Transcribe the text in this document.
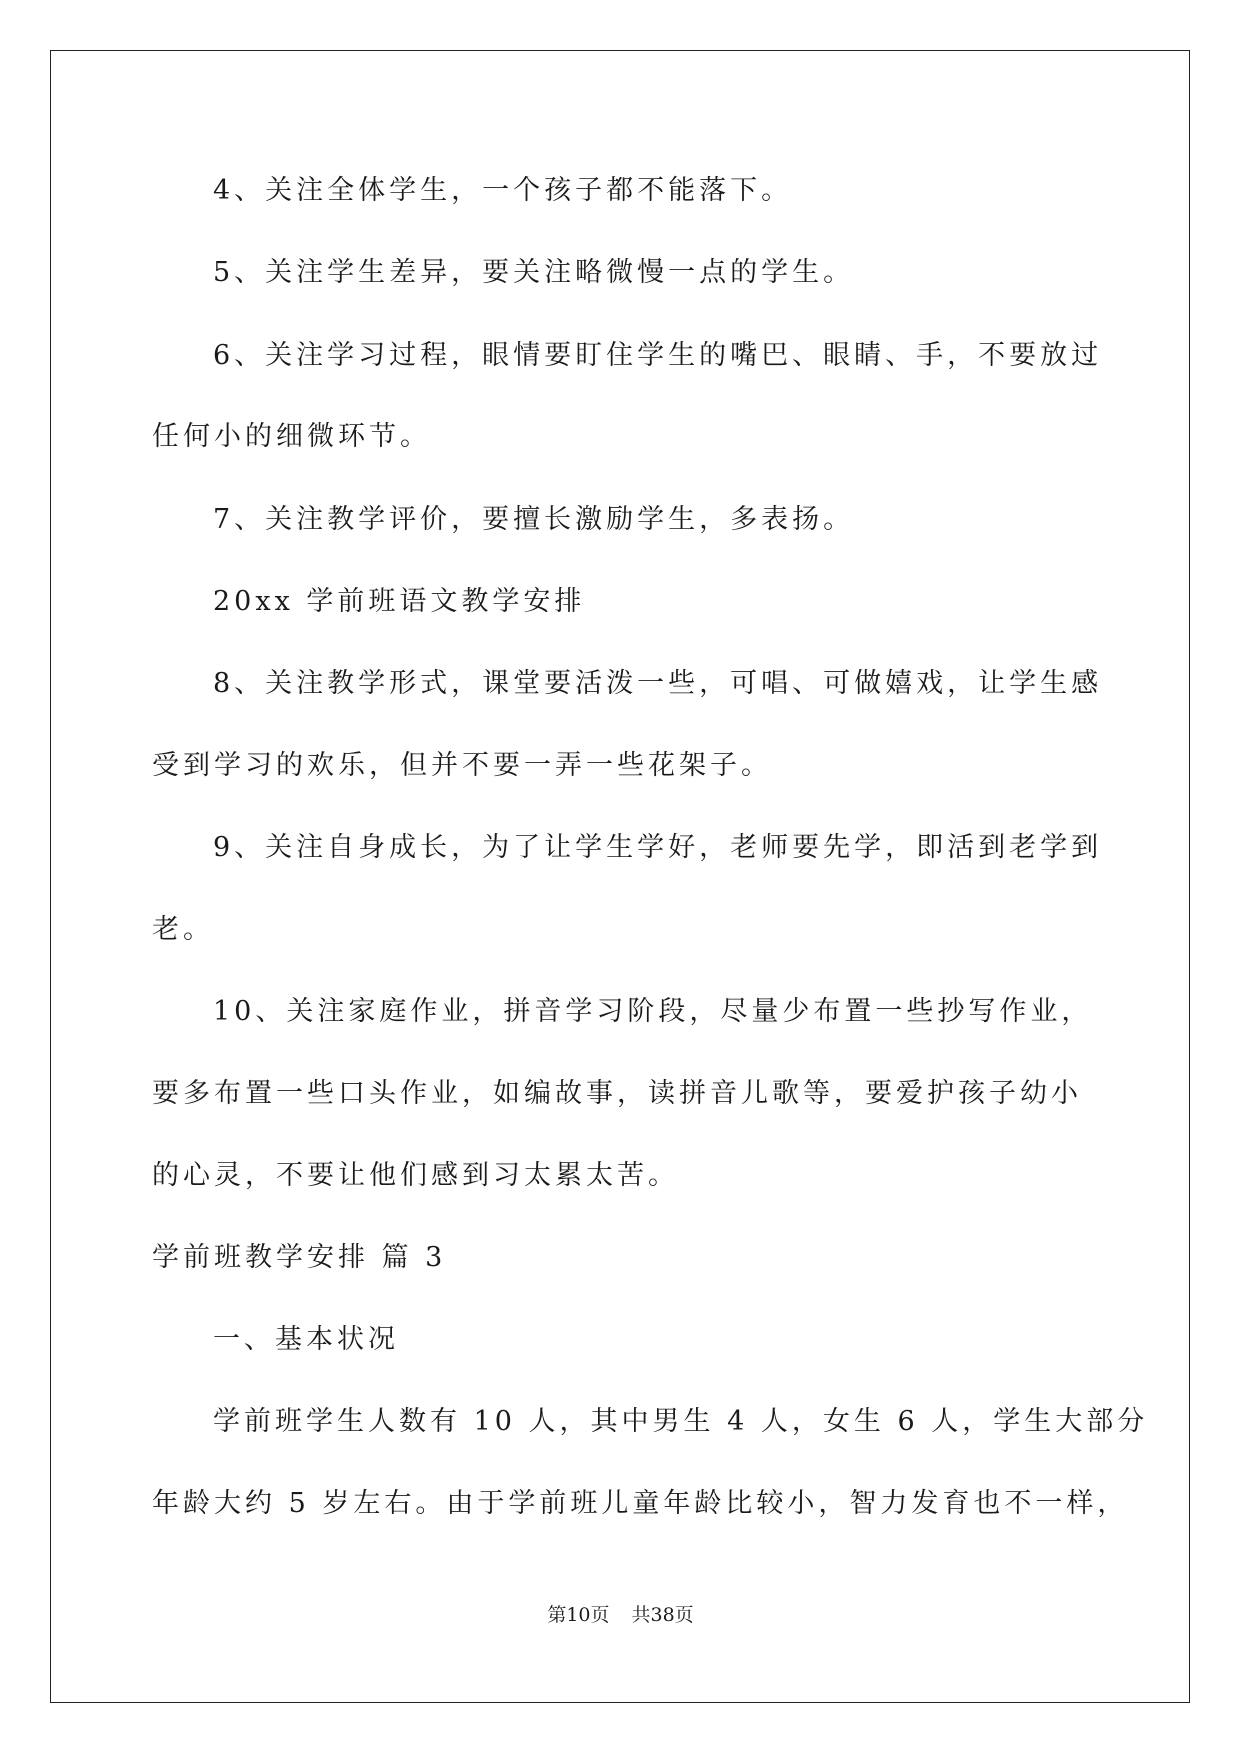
4、关注全体学生，一个孩子都不能落下。
5、关注学生差异，要关注略微慢一点的学生。
6、关注学习过程，眼情要盯住学生的嘴巴、眼睛、手，不要放过
任何小的细微环节。
7、关注教学评价，要擅长激励学生，多表扬。
20xx 学前班语文教学安排
8、关注教学形式，课堂要活泼一些，可唱、可做嬉戏，让学生感
受到学习的欢乐，但并不要一弄一些花架子。
9、关注自身成长，为了让学生学好，老师要先学，即活到老学到
老。
10、关注家庭作业，拼音学习阶段，尽量少布置一些抄写作业，
要多布置一些口头作业，如编故事，读拼音儿歌等，要爱护孩子幼小
的心灵，不要让他们感到习太累太苦。
学前班教学安排 篇 3
一、基本状况
学前班学生人数有 10 人，其中男生 4 人，女生 6 人，学生大部分
年龄大约 5 岁左右。由于学前班儿童年龄比较小，智力发育也不一样，
第10页 共38页
